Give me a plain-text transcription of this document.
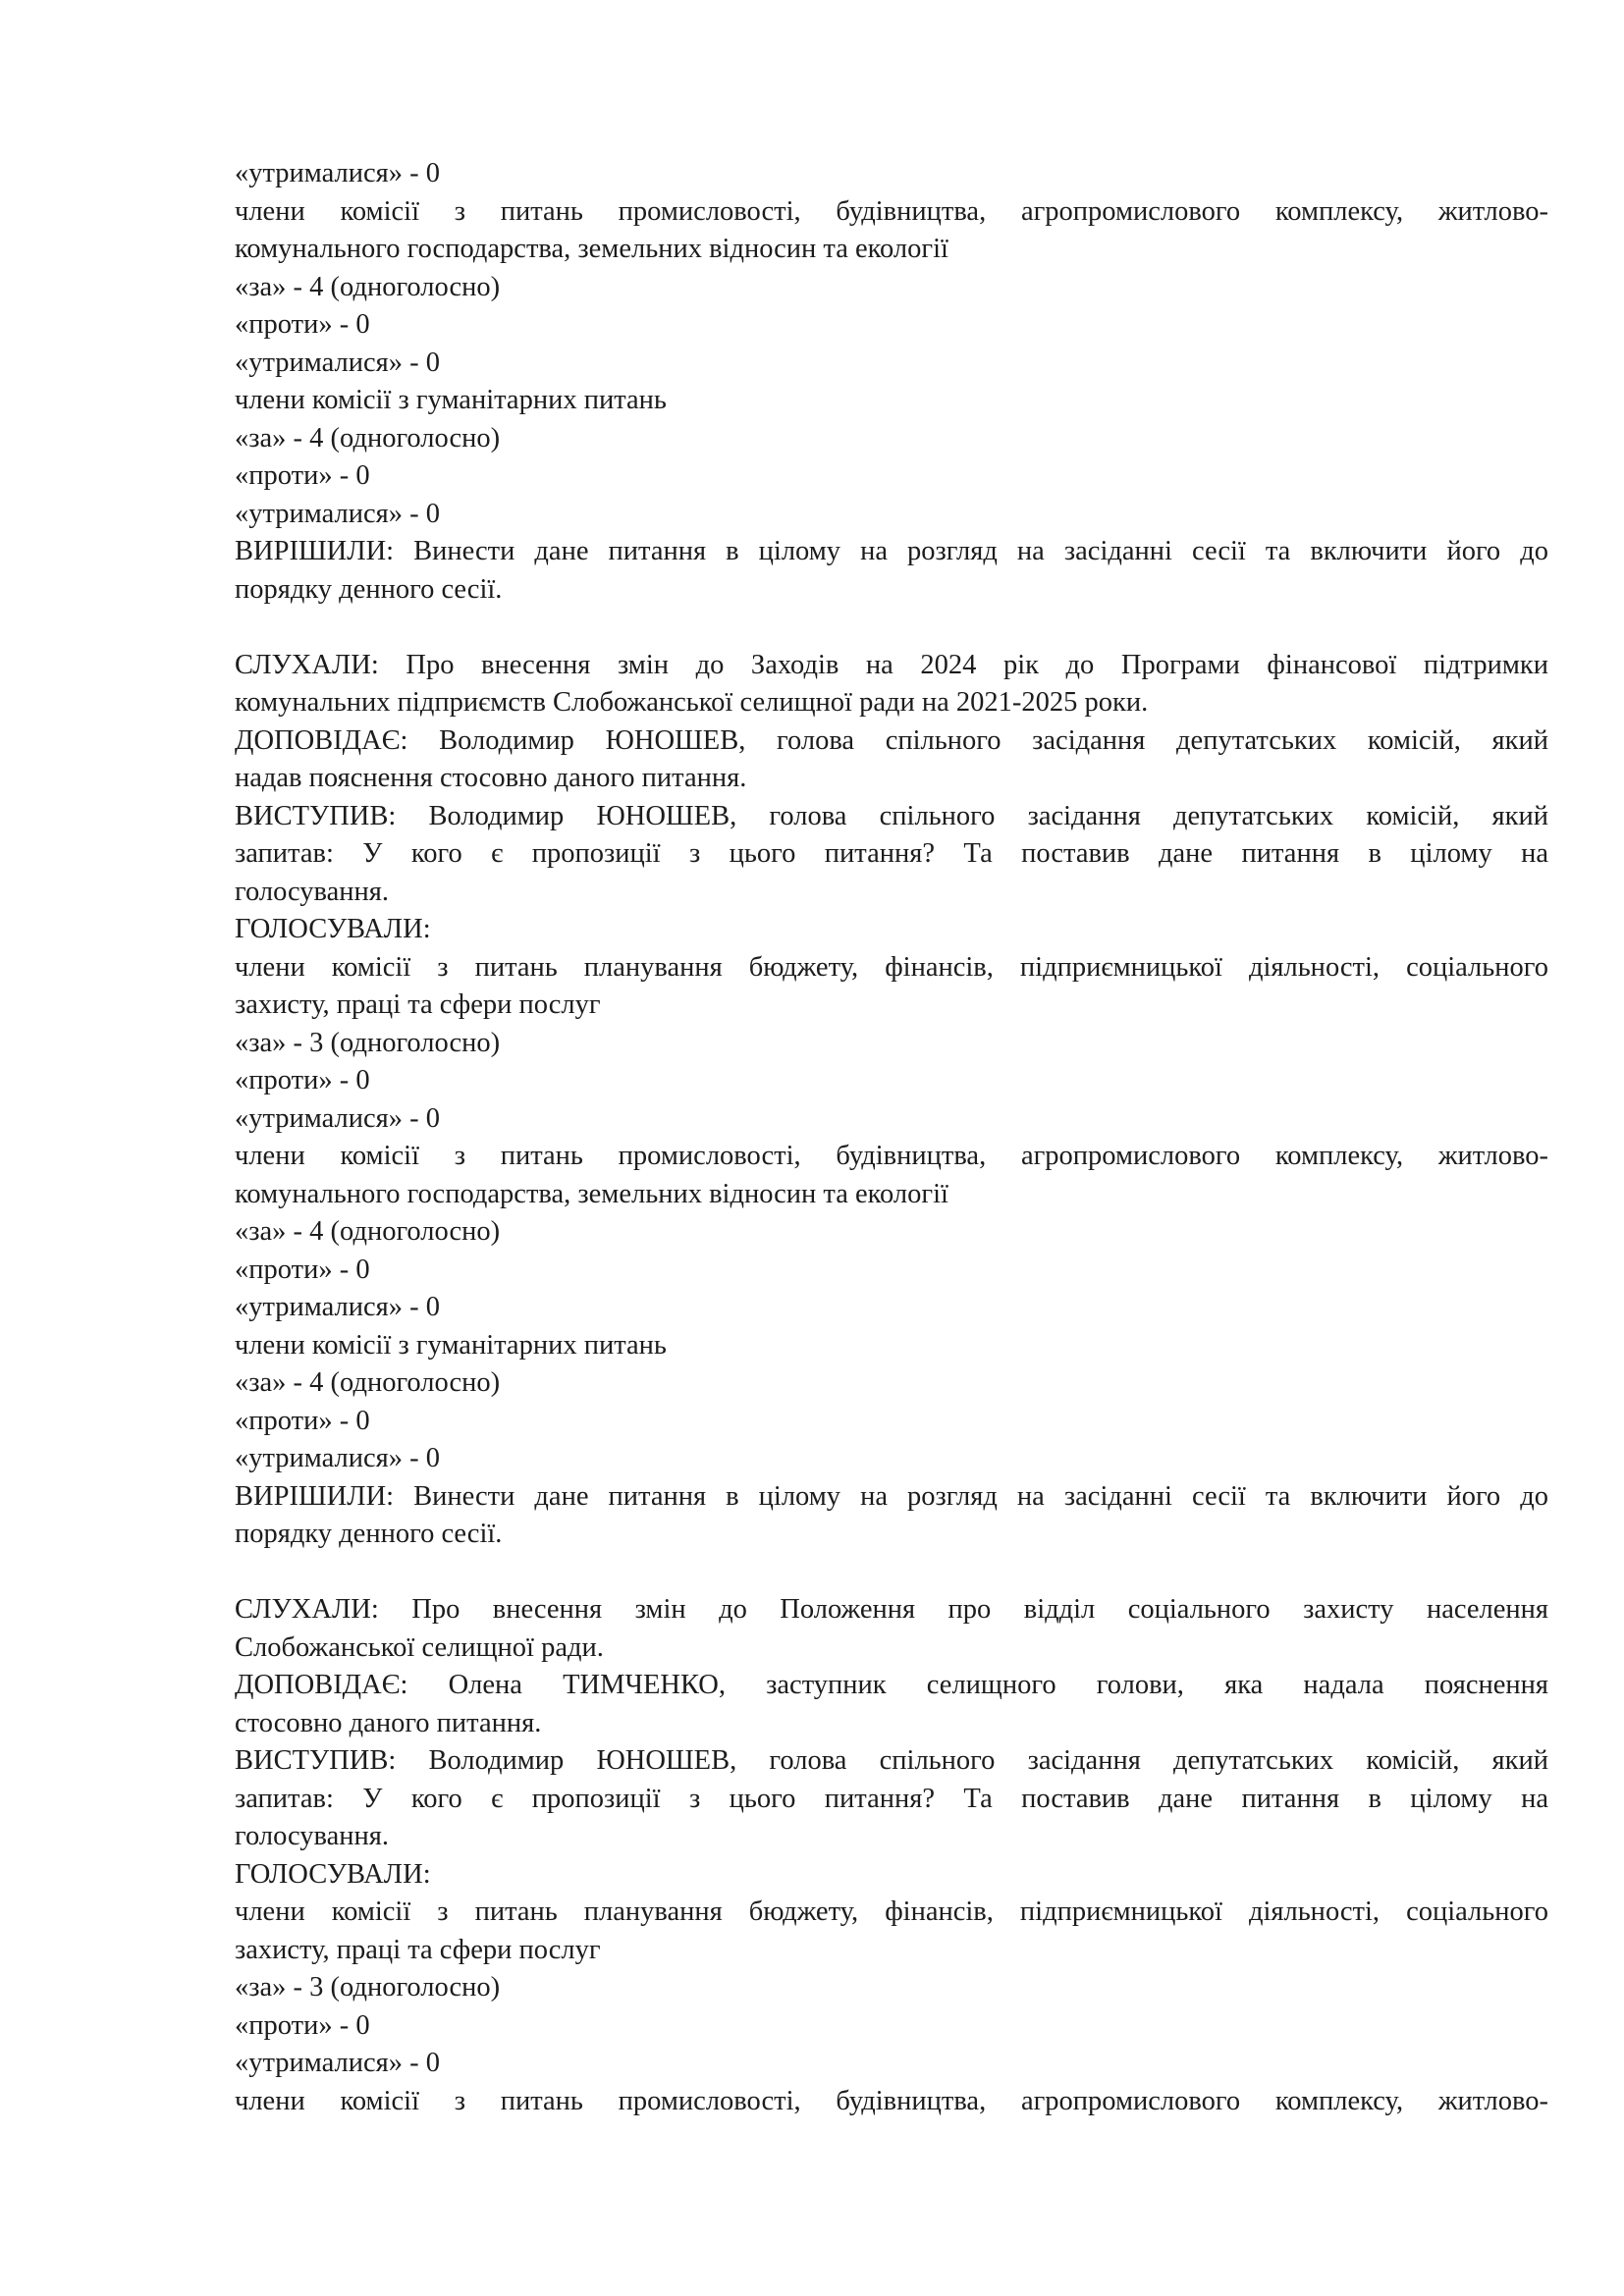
«утрималися» - 0
члени комісії з питань промисловості, будівництва, агропромислового комплексу, житлово-
комунального господарства, земельних відносин та екології
«за» - 4 (одноголосно)
«проти» - 0
«утрималися» - 0
члени комісії з гуманітарних питань
«за» - 4 (одноголосно)
«проти» - 0
«утрималися» - 0
ВИРІШИЛИ: Винести дане питання в цілому на розгляд на засіданні сесії та включити його до
порядку денного сесії.
СЛУХАЛИ: Про внесення змін до Заходів на 2024 рік до Програми фінансової підтримки
комунальних підприємств Слобожанської селищної ради на 2021-2025 роки.
ДОПОВІДАЄ: Володимир ЮНОШЕВ, голова спільного засідання депутатських комісій, який
надав пояснення стосовно даного питання.
ВИСТУПИВ: Володимир ЮНОШЕВ, голова спільного засідання депутатських комісій, який
запитав: У кого є пропозиції з цього питання? Та поставив дане питання в цілому на
голосування.
ГОЛОСУВАЛИ:
члени комісії з питань планування бюджету, фінансів, підприємницької діяльності, соціального
захисту, праці та сфери послуг
«за» - 3 (одноголосно)
«проти» - 0
«утрималися» - 0
члени комісії з питань промисловості, будівництва, агропромислового комплексу, житлово-
комунального господарства, земельних відносин та екології
«за» - 4 (одноголосно)
«проти» - 0
«утрималися» - 0
члени комісії з гуманітарних питань
«за» - 4 (одноголосно)
«проти» - 0
«утрималися» - 0
ВИРІШИЛИ: Винести дане питання в цілому на розгляд на засіданні сесії та включити його до
порядку денного сесії.
СЛУХАЛИ: Про внесення змін до Положення про відділ соціального захисту населення
Слобожанської селищної ради.
ДОПОВІДАЄ: Олена ТИМЧЕНКО, заступник селищного голови, яка надала пояснення
стосовно даного питання.
ВИСТУПИВ: Володимир ЮНОШЕВ, голова спільного засідання депутатських комісій, який
запитав: У кого є пропозиції з цього питання? Та поставив дане питання в цілому на
голосування.
ГОЛОСУВАЛИ:
члени комісії з питань планування бюджету, фінансів, підприємницької діяльності, соціального
захисту, праці та сфери послуг
«за» - 3 (одноголосно)
«проти» - 0
«утрималися» - 0
члени комісії з питань промисловості, будівництва, агропромислового комплексу, житлово-
